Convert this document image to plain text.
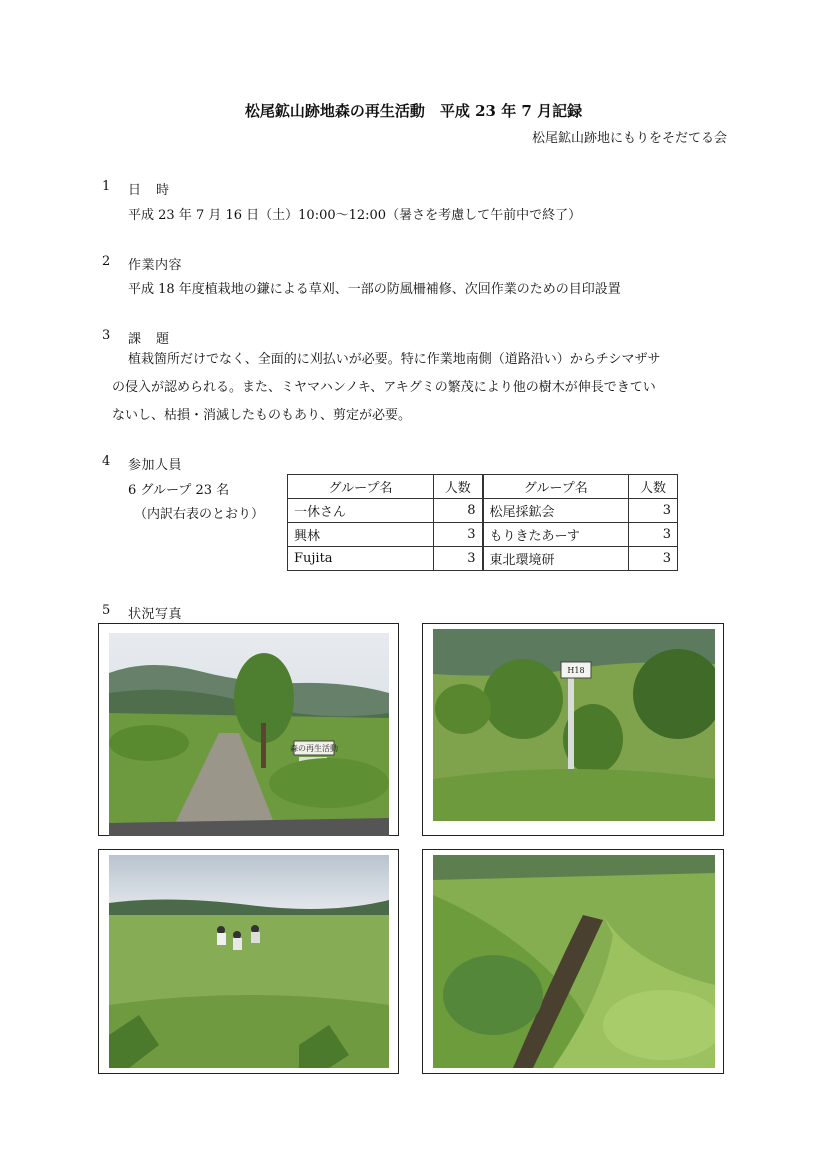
松尾鉱山跡地森の再生活動　平成 23 年 7 月記録
松尾鉱山跡地にもりをそだてる会
1 日 時
平成 23 年 7 月 16 日（土）10:00〜12:00（暑さを考慮して午前中で終了）
2 作業内容
平成 18 年度植栽地の鎌による草刈、一部の防風柵補修、次回作業のための目印設置
3 課 題
植栽箇所だけでなく、全面的に刈払いが必要。特に作業地南側（道路沿い）からチシマザサ
の侵入が認められる。また、ミヤマハンノキ、アキグミの繁茂により他の樹木が伸長できてい
ないし、枯損・消滅したものもあり、剪定が必要。
4 参加人員
6 グループ 23 名
（内訳右表のとおり）
グループ名	人数	グループ名	人数
一休さん	8	松尾採鉱会	3
興林	3	もりきたあーす	3
Fujita	3	東北環境研	3
5 状況写真
森の再生活動
H18
